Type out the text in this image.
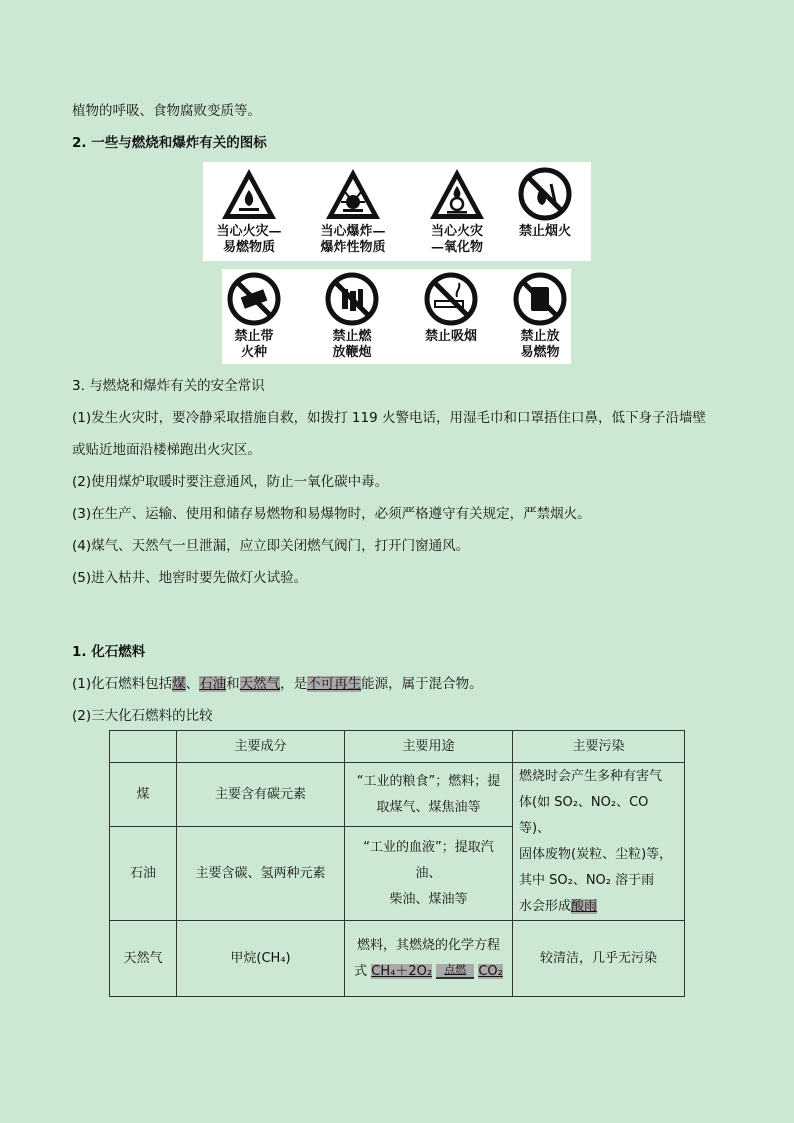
植物的呼吸、食物腐败变质等。
2. 一些与燃烧和爆炸有关的图标
当心火灾—
易燃物质
当心爆炸—
爆炸性物质
当心火灾
—氧化物
禁止烟火
禁止带
火种
禁止燃
放鞭炮
禁止吸烟	禁止放
易燃物
3. 与燃烧和爆炸有关的安全常识
(1)发生火灾时，要冷静采取措施自救，如拨打 119 火警电话，用湿毛巾和口罩捂住口鼻，低下身子沿墙壁
或贴近地面沿楼梯跑出火灾区。
(2)使用煤炉取暖时要注意通风，防止一氧化碳中毒。
(3)在生产、运输、使用和储存易燃物和易爆物时，必须严格遵守有关规定，严禁烟火。
(4)煤气、天然气一旦泄漏，应立即关闭燃气阀门，打开门窗通风。
(5)进入枯井、地窖时要先做灯火试验。
1. 化石燃料
(1)化石燃料包括煤、石油和天然气，是不可再生能源，属于混合物。
(2)三大化石燃料的比较
	主要成分	主要用途	主要污染
煤	主要含有碳元素	“工业的粮食”；燃料；提
取煤气、煤焦油等	燃烧时会产生多种有害气
体(如 SO₂、NO₂、CO 等)、
固体废物(炭粒、尘粒)等，
其中 SO₂、NO₂ 溶于雨
水会形成酸雨
石油	主要含碳、氢两种元素	“工业的血液”；提取汽油、
柴油、煤油等	
天然气	甲烷(CH₄)	燃料，其燃烧的化学方程
式 CH₄＋2O₂ 点燃 CO₂	较清洁，几乎无污染
